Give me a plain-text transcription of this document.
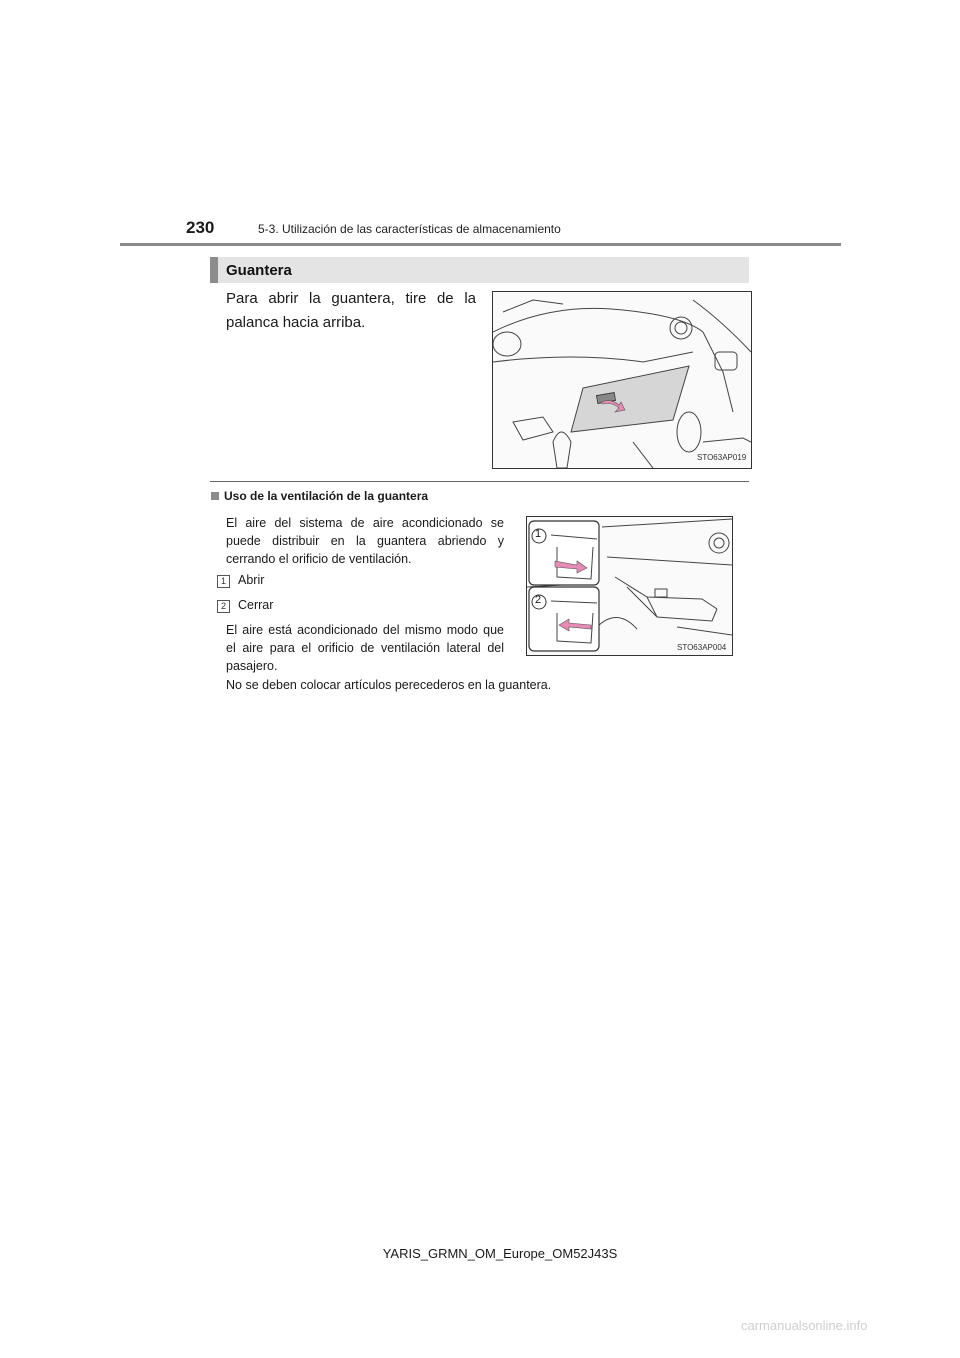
230	5-3. Utilización de las características de almacenamiento
Guantera
Para abrir la guantera, tire de la palanca hacia arriba.
STO63AP019
Uso de la ventilación de la guantera
El aire del sistema de aire acondicionado se puede distribuir en la guantera abriendo y cerrando el orificio de ventilación.
1 Abrir
2 Cerrar
El aire está acondicionado del mismo modo que el aire para el orificio de ventilación lateral del pasajero.
No se deben colocar artículos perecederos en la guantera.
1
2
STO63AP004
YARIS_GRMN_OM_Europe_OM52J43S
carmanualsonline.info
